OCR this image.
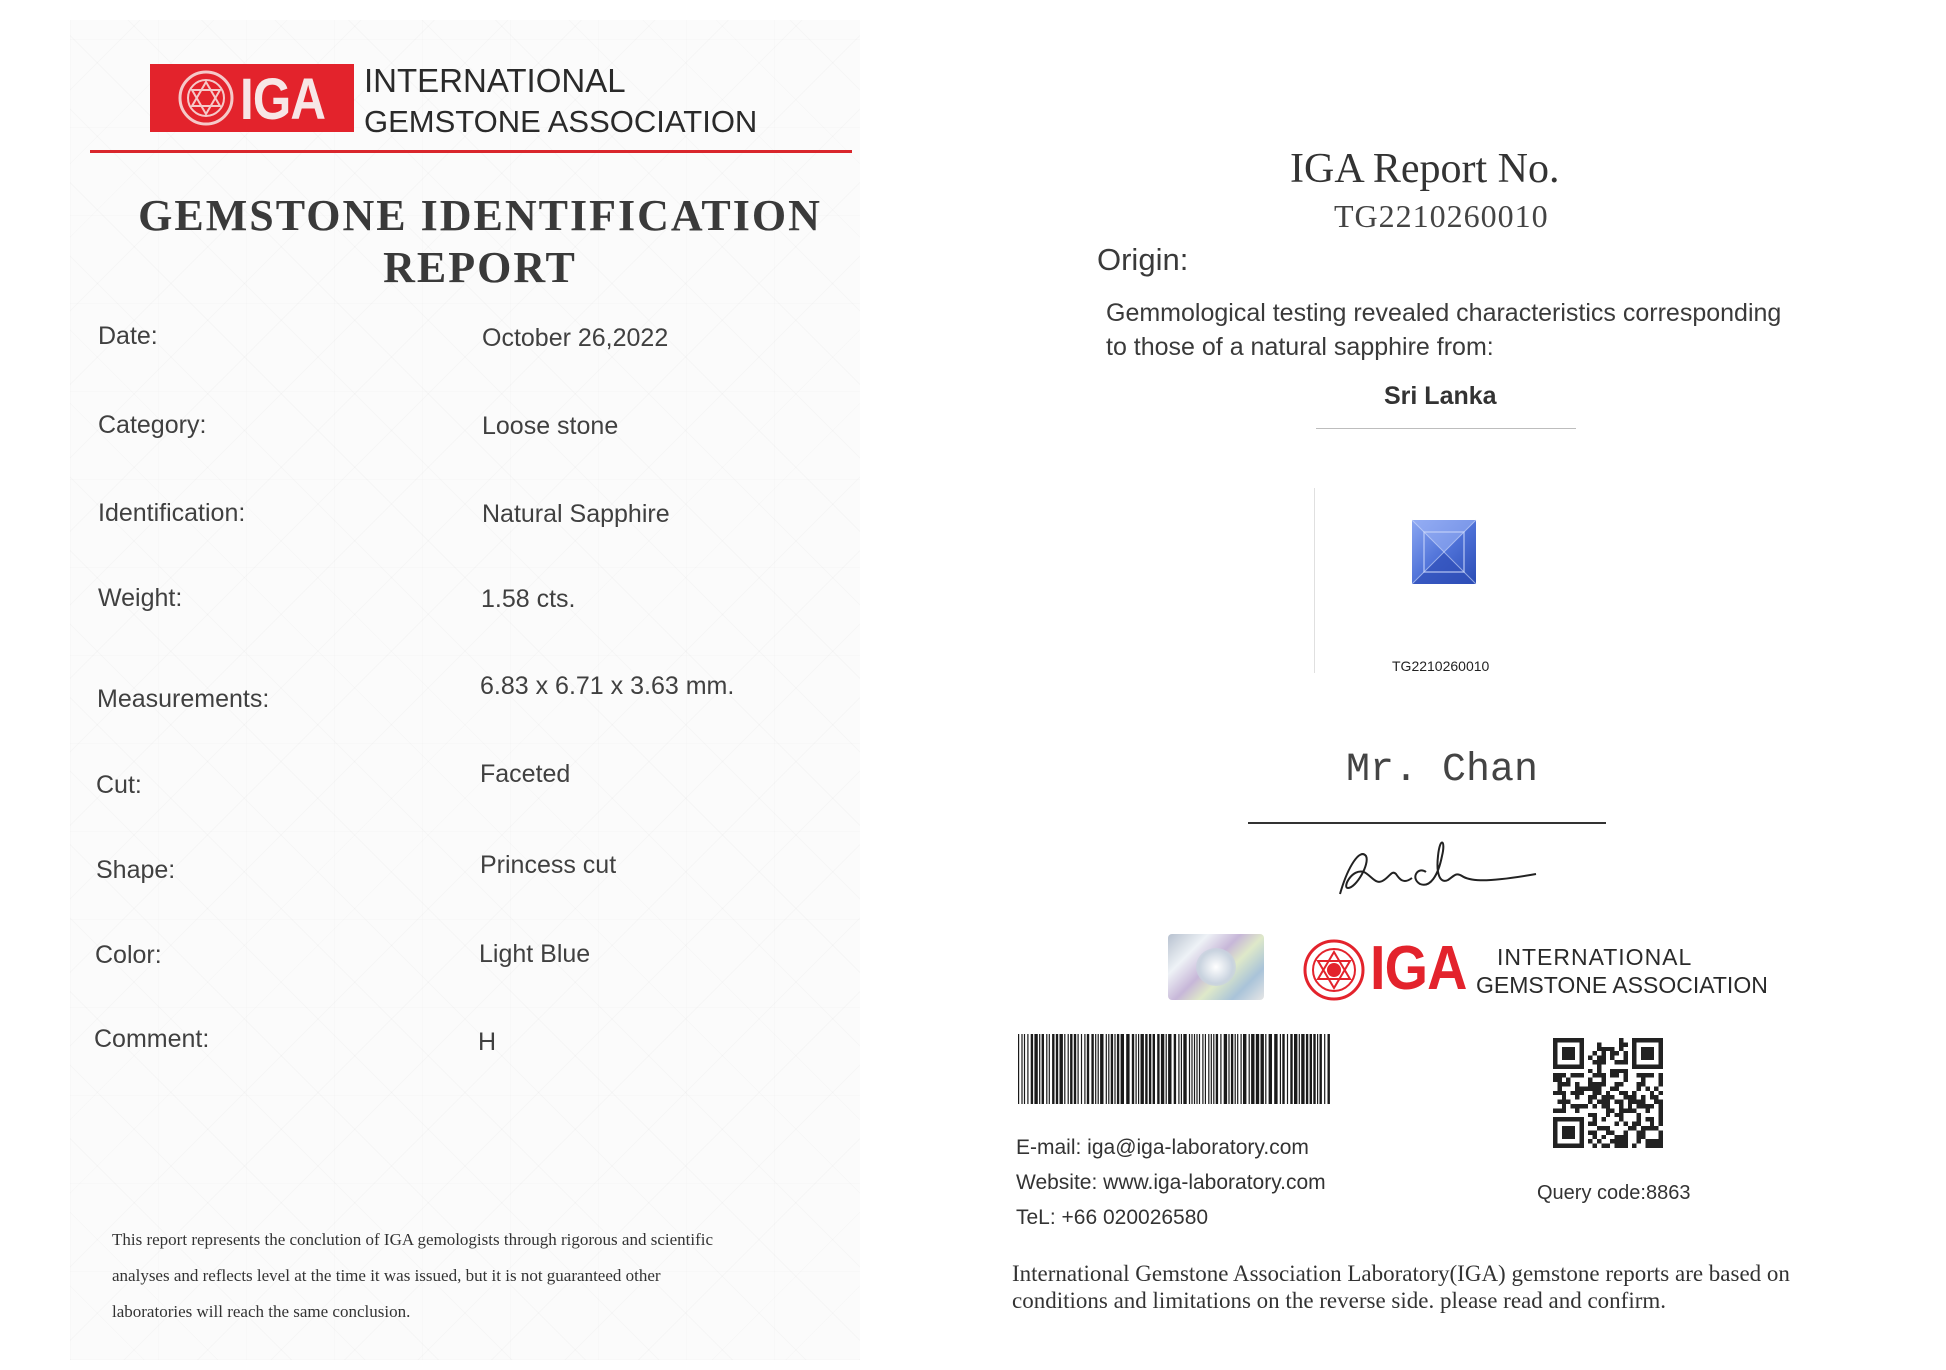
IGA INTERNATIONAL
GEMSTONE ASSOCIATION
GEMSTONE IDENTIFICATION
REPORT
Date:	October 26,2022
Category:	Loose stone
Identification:	Natural Sapphire
Weight:	1.58 cts.
Measurements:	6.83 x 6.71 x 3.63 mm.
Cut:	Faceted
Shape:	Princess cut
Color:	Light Blue
Comment:	H
This report represents the conclution of IGA gemologists through rigorous and scientific
analyses and reflects level at the time it was issued, but it is not guaranteed other
laboratories will reach the same conclusion.
IGA Report No.
TG2210260010
Origin:
Gemmological testing revealed characteristics corresponding
to those of a natural sapphire from:
Sri Lanka
TG2210260010
Mr. Chan
IGA INTERNATIONAL
GEMSTONE ASSOCIATION
E-mail: iga@iga-laboratory.com
Website: www.iga-laboratory.com
TeL: +66 020026580
Query code:8863
International Gemstone Association Laboratory(IGA) gemstone reports are based on
conditions and limitations on the reverse side. please read and confirm.
